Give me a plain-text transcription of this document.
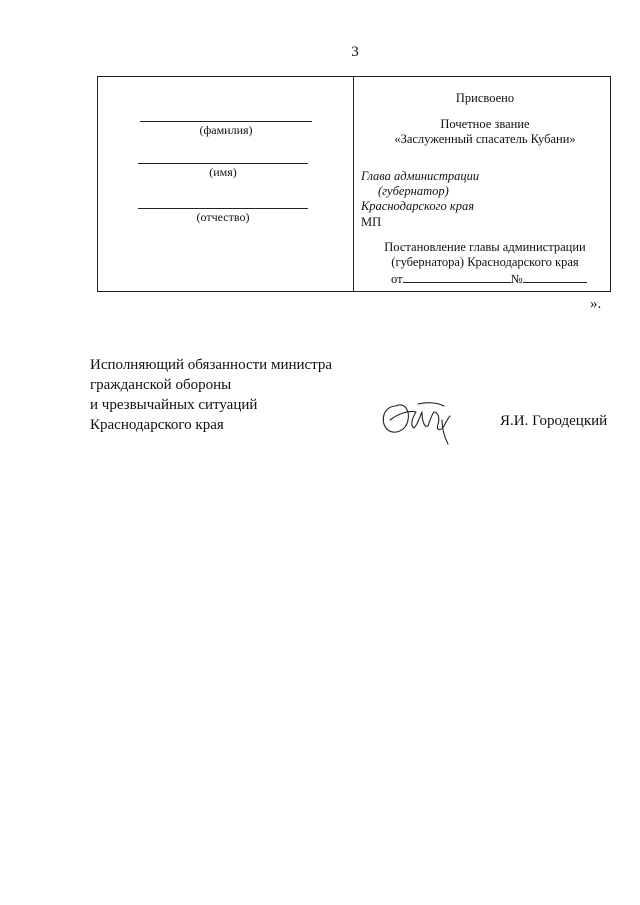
3
(фамилия)
(имя)
(отчество)
Присвоено
Почетное звание
«Заслуженный спасатель Кубани»
Глава администрации
(губернатор)
Краснодарского края
МП
Постановление главы администрации
(губернатора) Краснодарского края
от	№
».
Исполняющий обязанности министра
гражданской обороны
и чрезвычайных ситуаций
Краснодарского края	Я.И. Городецкий
